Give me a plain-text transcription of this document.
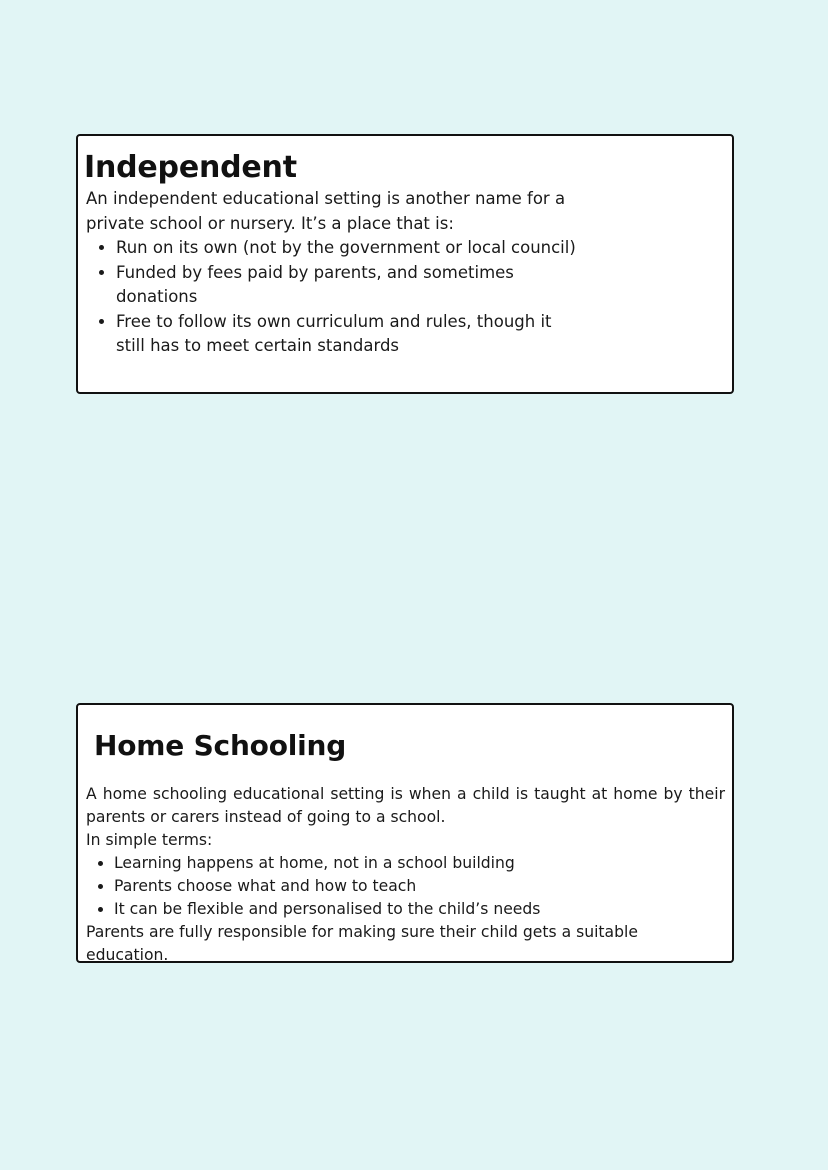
Independent

An independent educational setting is another name for a private school or nursery. It’s a place that is:

• Run on its own (not by the government or local council)
• Funded by fees paid by parents, and sometimes donations
• Free to follow its own curriculum and rules, though it still has to meet certain standards
Home Schooling

A home schooling educational setting is when a child is taught at home by their parents or carers instead of going to a school.

In simple terms:

• Learning happens at home, not in a school building
• Parents choose what and how to teach
• It can be flexible and personalised to the child’s needs

Parents are fully responsible for making sure their child gets a suitable education.
